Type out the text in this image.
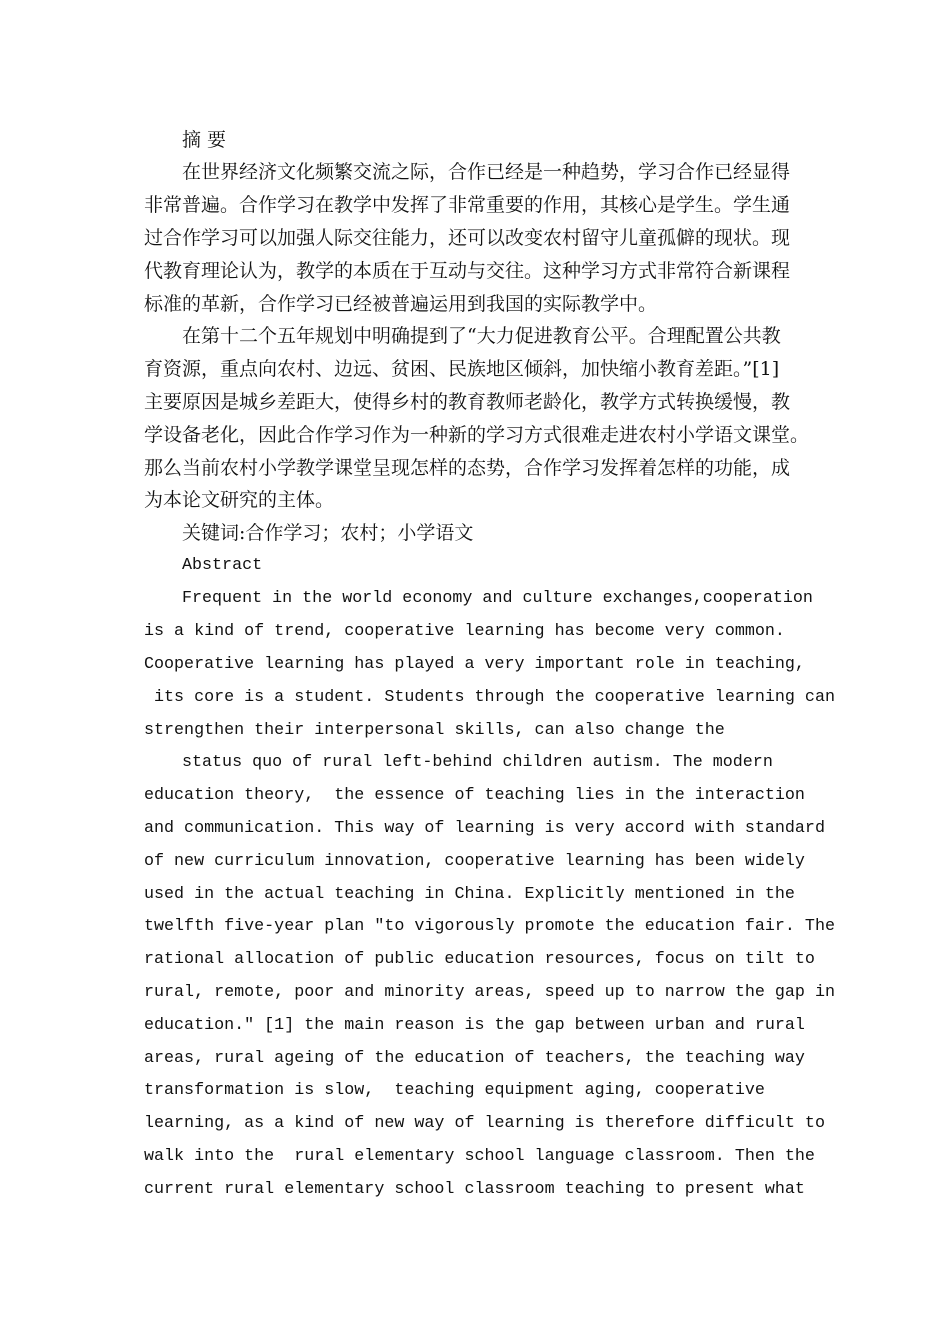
摘 要
在世界经济文化频繁交流之际，合作已经是一种趋势，学习合作已经显得
非常普遍。合作学习在教学中发挥了非常重要的作用，其核心是学生。学生通
过合作学习可以加强人际交往能力，还可以改变农村留守儿童孤僻的现状。现
代教育理论认为，教学的本质在于互动与交往。这种学习方式非常符合新课程
标准的革新，合作学习已经被普遍运用到我国的实际教学中。
在第十二个五年规划中明确提到了“大力促进教育公平。合理配置公共教
育资源，重点向农村、边远、贫困、民族地区倾斜，加快缩小教育差距。”[1]
主要原因是城乡差距大，使得乡村的教育教师老龄化，教学方式转换缓慢，教
学设备老化，因此合作学习作为一种新的学习方式很难走进农村小学语文课堂。
那么当前农村小学教学课堂呈现怎样的态势，合作学习发挥着怎样的功能，成
为本论文研究的主体。
关键词:合作学习；农村；小学语文
Abstract
Frequent in the world economy and culture exchanges,cooperation
is a kind of trend, cooperative learning has become very common.
Cooperative learning has played a very important role in teaching,
its core is a student. Students through the cooperative learning can
strengthen their interpersonal skills, can also change the
status quo of rural left-behind children autism. The modern
education theory,  the essence of teaching lies in the interaction
and communication. This way of learning is very accord with standard
of new curriculum innovation, cooperative learning has been widely
used in the actual teaching in China. Explicitly mentioned in the
twelfth five-year plan "to vigorously promote the education fair. The
rational allocation of public education resources, focus on tilt to
rural, remote, poor and minority areas, speed up to narrow the gap in
education." [1] the main reason is the gap between urban and rural
areas, rural ageing of the education of teachers, the teaching way
transformation is slow,  teaching equipment aging, cooperative
learning, as a kind of new way of learning is therefore difficult to
walk into the  rural elementary school language classroom. Then the
current rural elementary school classroom teaching to present what
